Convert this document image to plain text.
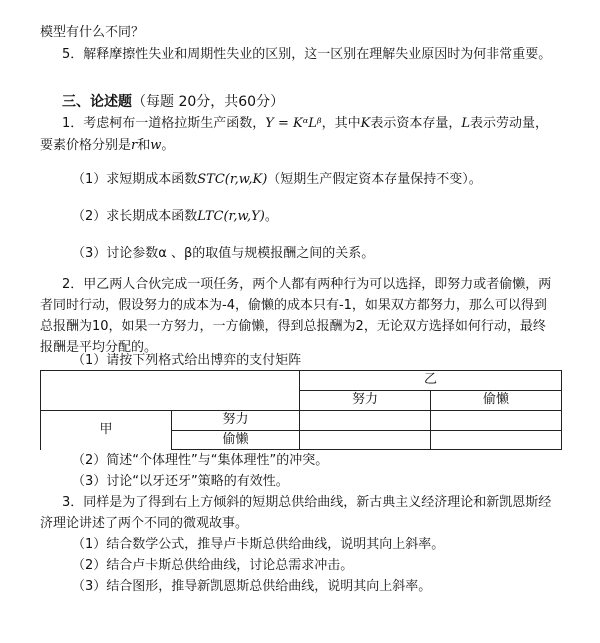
模型有什么不同？
5．解释摩擦性失业和周期性失业的区别，这一区别在理解失业原因时为何非常重要。
三、论述题（每题 20分，共60分）
1．考虑柯布一道格拉斯生产函数，Y = KᵅLᵝ，其中K表示资本存量，L表示劳动量，
要素价格分别是r和w。
（1）求短期成本函数STC(r,w,K)（短期生产假定资本存量保持不变）。
（2）求长期成本函数LTC(r,w,Y)。
（3）讨论参数α 、β的取值与规模报酬之间的关系。
2．甲乙两人合伙完成一项任务，两个人都有两种行为可以选择，即努力或者偷懒，两
者同时行动，假设努力的成本为-4，偷懒的成本只有-1，如果双方都努力，那么可以得到
总报酬为10，如果一方努力，一方偷懒，得到总报酬为2，无论双方选择如何行动，最终
报酬是平均分配的。
（1）请按下列格式给出博弈的支付矩阵
		乙	
		努力	偷懒
甲	努力		
	偷懒		
（2）简述“个体理性”与“集体理性”的冲突。
（3）讨论“以牙还牙”策略的有效性。
3．同样是为了得到右上方倾斜的短期总供给曲线，新古典主义经济理论和新凯恩斯经
济理论讲述了两个不同的微观故事。
（1）结合数学公式，推导卢卡斯总供给曲线，说明其向上斜率。
（2）结合卢卡斯总供给曲线，讨论总需求冲击。
（3）结合图形，推导新凯恩斯总供给曲线，说明其向上斜率。
